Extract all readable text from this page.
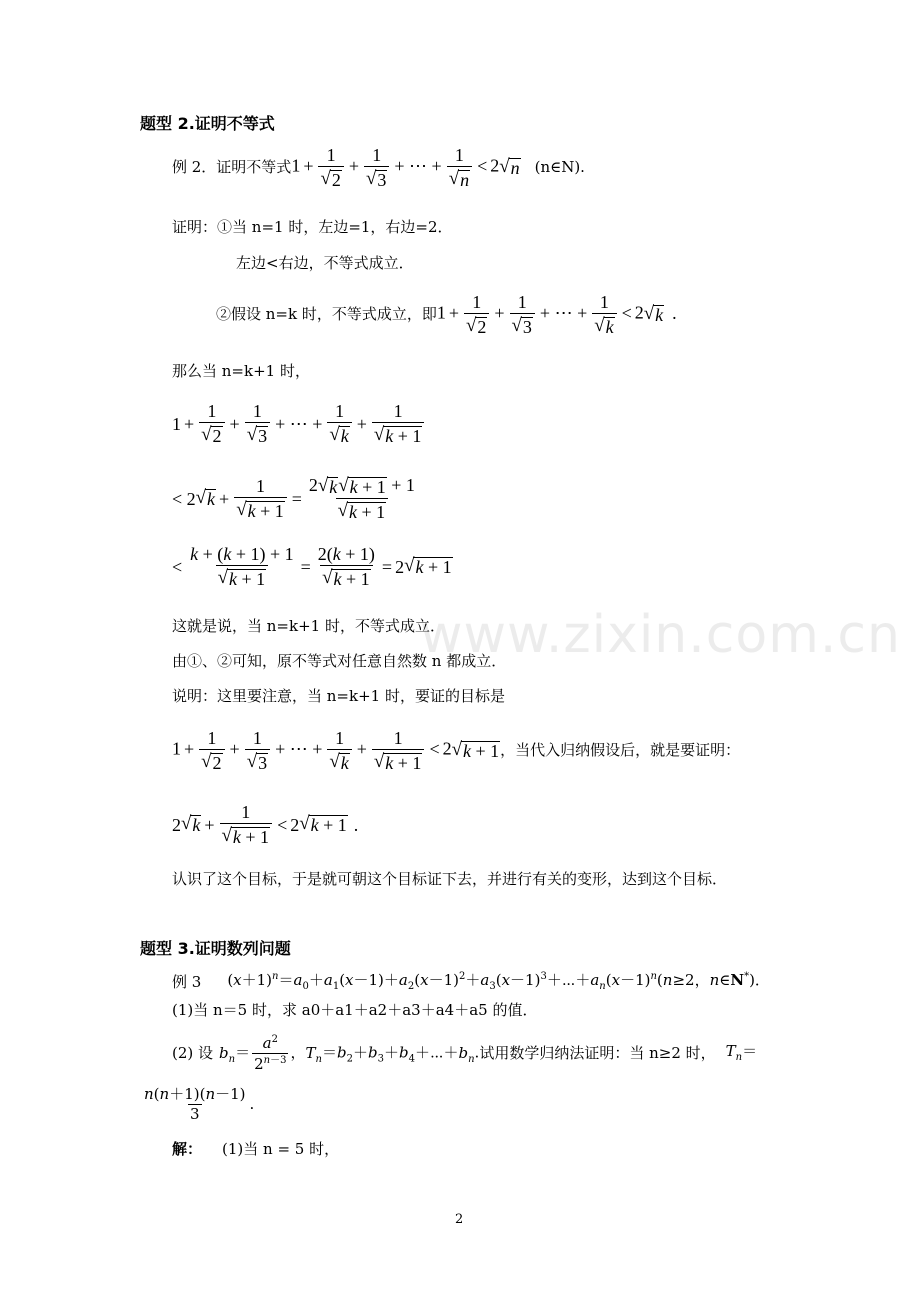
www.zixin.com.cn
题型 2.证明不等式
例 2．证明不等式 $1 + \frac{1}{√ 2} + \frac{1}{√ 3}$ + ⋯ + $\frac{1}{√ n} < 2$ √ n (n∈N).
证明： ①当 n=1 时，左边=1，右边=2．
左边<右边，不等式成立．
②假设 n=k 时，不等式成立，即 $1 + \frac{1}{√ 2} + \frac{1}{√ 3}$ + ⋯ + $\frac{1}{√ k} < 2$ √ k .
那么当 n=k+1 时，
$1 + \frac{1}{√ 2} + \frac{1}{√ 3}$ + ⋯ + $\frac{1}{√ k} + \frac{1}{√ k + 1}$
< 2 √ $k + \frac{1}{√ k + 1} = \frac{2 √ k √ k + 1 + 1}{√ k + 1}$
< $\frac{k + (k + 1) + 1}{√ k + 1} = \frac{2(k + 1)}{√ k + 1} = 2$ √ k + 1
这就是说，当 n=k+1 时，不等式成立．
由①、②可知，原不等式对任意自然数 n 都成立．
说明：这里要注意，当 n=k+1 时，要证的目标是
$1 + \frac{1}{√ 2} + \frac{1}{√ 3}$ + ⋯ + $\frac{1}{√ k} + \frac{1}{√ k + 1} < 2$ √ k + 1 ，当代入归纳假设后，就是要证明：
2 √ $k + \frac{1}{√ k + 1} < 2$ √ k + 1 .
认识了这个目标，于是就可朝这个目标证下去，并进行有关的变形，达到这个目标．
题型 3.证明数列问题
例 3 $(x+1)^n=a_0+a_1(x-1)+a_2(x-1)^2+a_3(x-1)^3+\cdots+a_n(x-1)^n(n\ge 2$，n∈N*)．
(1)当 n＝5 时，求 a0＋a1＋a2＋a3＋a4＋a5 的值．
(2) 设 $b_n= \frac{a^2}{2^{n-3}}$ ，$T_n=b_2+b_3+b_4+\cdots+b_n$. 试用数学归纳法证明：当 n≥2 时， $T_n=$
$\frac{n(n+1)(n-1)}{3}$ .
解： (1)当 n = 5 时，
2
